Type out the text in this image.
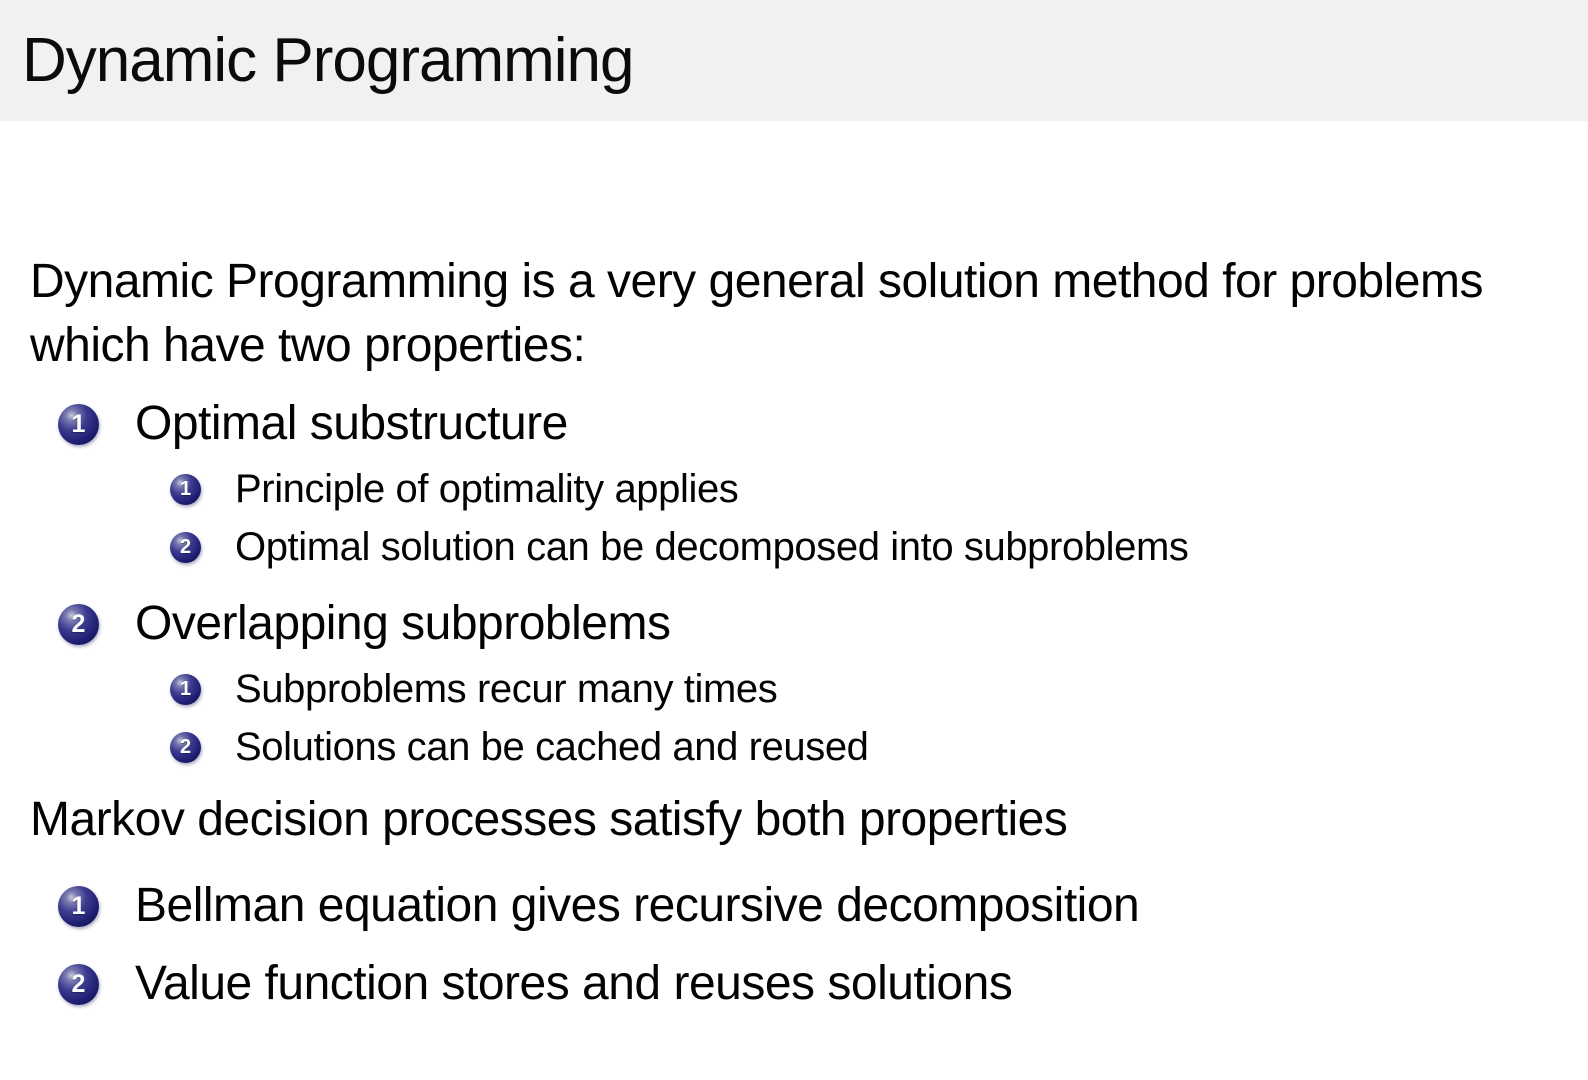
Dynamic Programming

Dynamic Programming is a very general solution method for problems which have two properties:

1 Optimal substructure
1 Principle of optimality applies
2 Optimal solution can be decomposed into subproblems
2 Overlapping subproblems
1 Subproblems recur many times
2 Solutions can be cached and reused

Markov decision processes satisfy both properties

1 Bellman equation gives recursive decomposition
2 Value function stores and reuses solutions
